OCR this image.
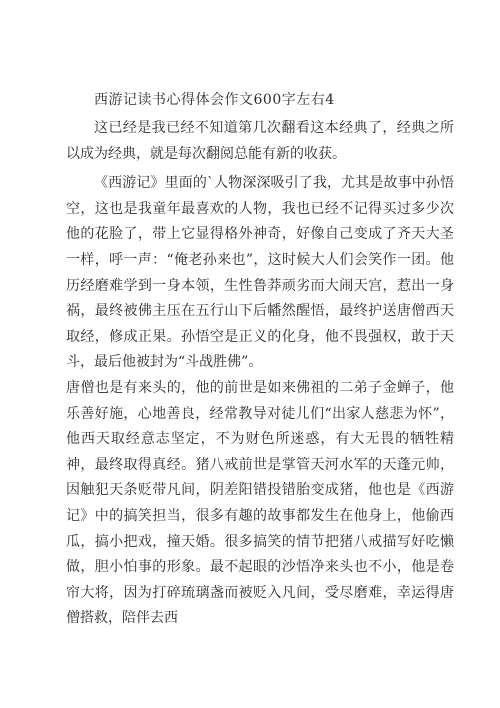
西游记读书心得体会作文600字左右4

这已经是我已经不知道第几次翻看这本经典了，经典之所以成为经典，就是每次翻阅总能有新的收获。

《西游记》里面的`人物深深吸引了我，尤其是故事中孙悟空，这也是我童年最喜欢的人物，我也已经不记得买过多少次他的花脸了，带上它显得格外神奇，好像自己变成了齐天大圣一样，呼一声：“俺老孙来也”，这时候大人们会笑作一团。他历经磨难学到一身本领，生性鲁莽顽劣而大闹天宫，惹出一身祸，最终被佛主压在五行山下后幡然醒悟，最终护送唐僧西天取经，修成正果。孙悟空是正义的化身，他不畏强权，敢于天斗，最后他被封为“斗战胜佛”。

唐僧也是有来头的，他的前世是如来佛祖的二弟子金蝉子，他乐善好施，心地善良，经常教导对徒儿们“出家人慈悲为怀”，他西天取经意志坚定，不为财色所迷惑，有大无畏的牺牲精神，最终取得真经。猪八戒前世是掌管天河水军的天蓬元帅，因触犯天条贬带凡间，阴差阳错投错胎变成猪，他也是《西游记》中的搞笑担当，很多有趣的故事都发生在他身上，他偷西瓜，搞小把戏，撞天婚。很多搞笑的情节把猪八戒描写好吃懒做，胆小怕事的形象。最不起眼的沙悟净来头也不小，他是卷帘大将，因为打碎琉璃盏而被贬入凡间，受尽磨难，幸运得唐僧搭救，陪伴去西
